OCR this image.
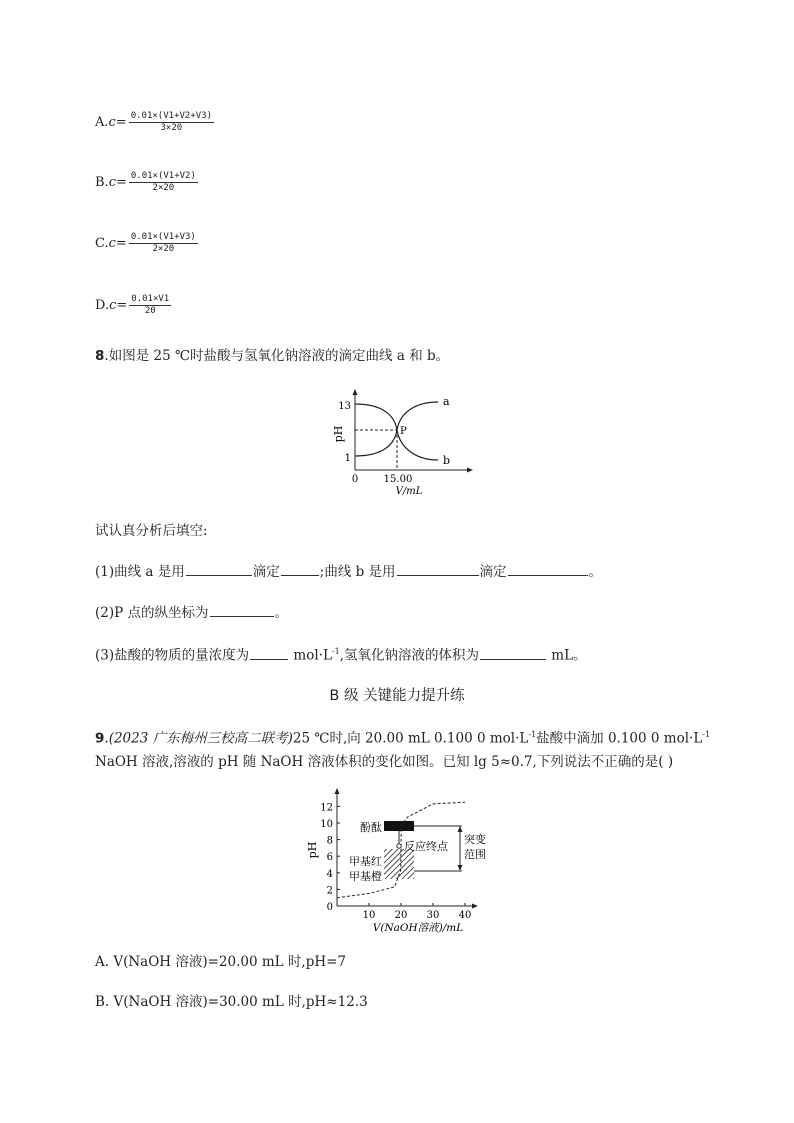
A. $c= \frac{0.01\times(V1+V2+V3)}{3\times 20}$
B. $c= \frac{0.01\times(V1+V2)}{2\times 20}$
C. $c= \frac{0.01\times(V1+V3)}{2\times 20}$
D. $c= \frac{0.01\times V1}{20}$
8.如图是 25 ℃时盐酸与氢氧化钠溶液的滴定曲线 a 和 b。
pH
13
1
0	15.00
V/mL
P
a
b
试认真分析后填空:
(1)曲线 a 是用	滴定	;曲线 b 是用	滴定	。
(2)P 点的纵坐标为	。
(3)盐酸的物质的量浓度为	$mol\cdot L^{-1}$,氢氧化钠溶液的体积为	mL。
B 级 关键能力提升练
9.(2023 广东梅州三校高二联考)25 ℃时,向 20.00 mL 0.100 0 $mol\cdot L^{-1}$盐酸中滴加 0.100 0 $mol\cdot L^{-1}$
NaOH 溶液,溶液的 pH 随 NaOH 溶液体积的变化如图。已知 lg 5≈0.7,下列说法不正确的是( )
0
2
4
6
8
10
12
10 20 30 40
pH
V(NaOH溶液)/mL
酚酞
甲基红
甲基橙
反应终点
突变
范围
A. V(NaOH 溶液)=20.00 mL 时,pH=7
B. V(NaOH 溶液)=30.00 mL 时,pH≈12.3
